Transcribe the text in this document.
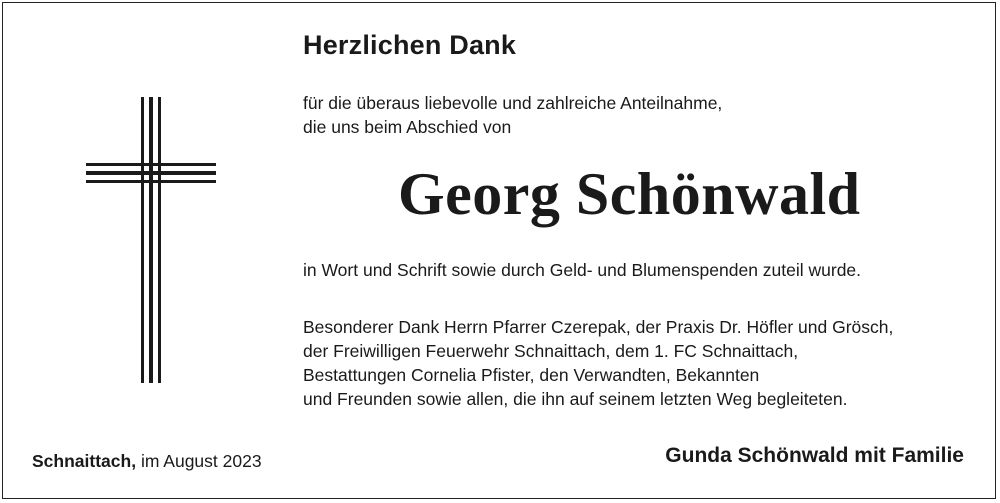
Herzlichen Dank
für die überaus liebevolle und zahlreiche Anteilnahme,
die uns beim Abschied von
Georg Schönwald
in Wort und Schrift sowie durch Geld- und Blumenspenden zuteil wurde.
Besonderer Dank Herrn Pfarrer Czerepak, der Praxis Dr. Höfler und Grösch,
der Freiwilligen Feuerwehr Schnaittach, dem 1. FC Schnaittach,
Bestattungen Cornelia Pfister, den Verwandten, Bekannten
und Freunden sowie allen, die ihn auf seinem letzten Weg begleiteten.
Schnaittach, im August 2023	Gunda Schönwald mit Familie
